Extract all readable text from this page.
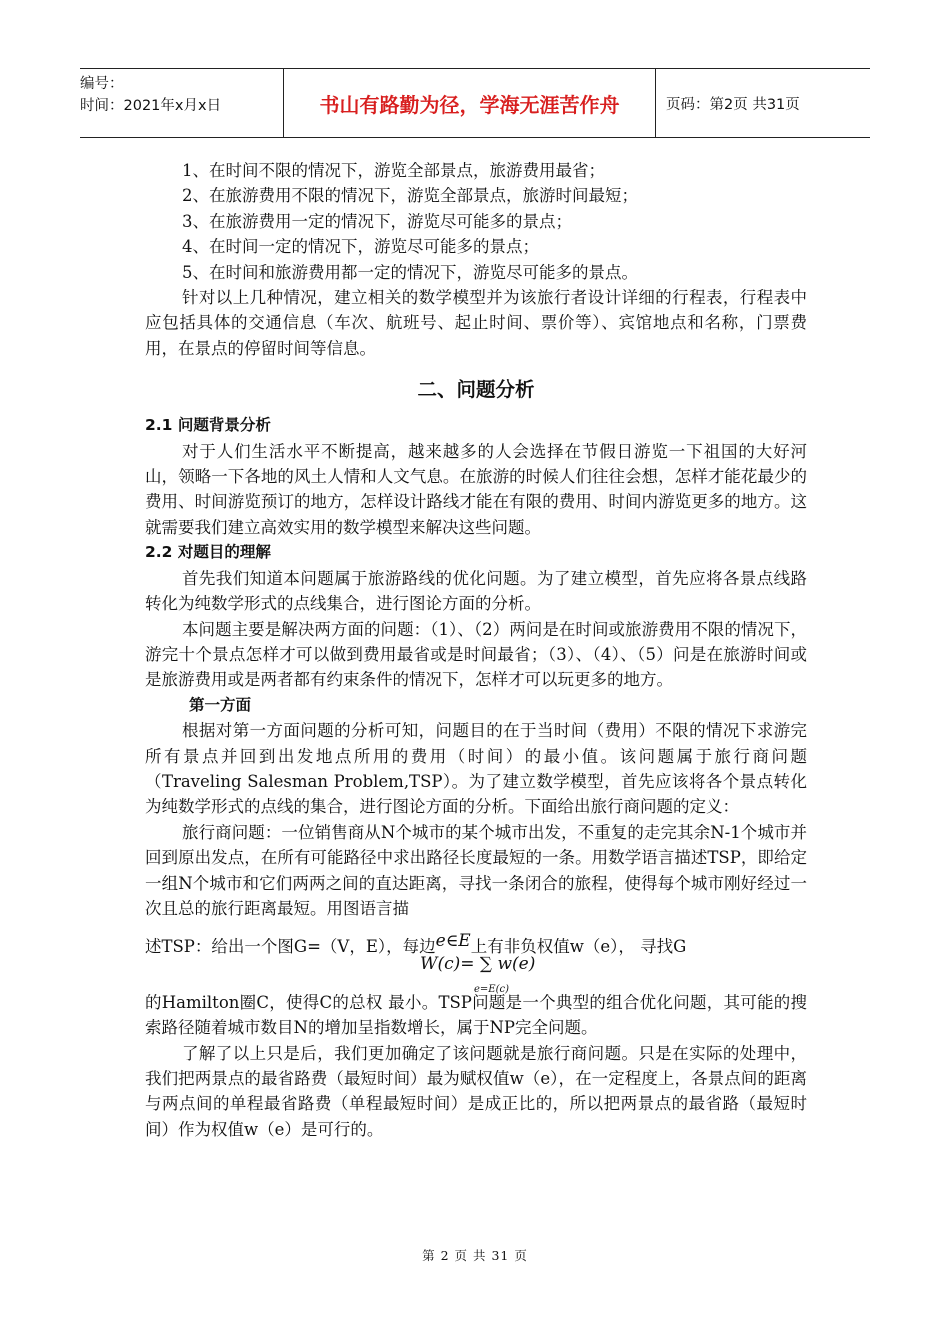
编号：
时间：2021年x月x日	书山有路勤为径，学海无涯苦作舟	页码：第2页 共31页

1、在时间不限的情况下，游览全部景点，旅游费用最省；

2、在旅游费用不限的情况下，游览全部景点，旅游时间最短；

3、在旅游费用一定的情况下，游览尽可能多的景点；

4、在时间一定的情况下，游览尽可能多的景点；

5、在时间和旅游费用都一定的情况下，游览尽可能多的景点。

针对以上几种情况，建立相关的数学模型并为该旅行者设计详细的行程表，行程表中应包括具体的交通信息（车次、航班号、起止时间、票价等）、宾馆地点和名称，门票费用，在景点的停留时间等信息。

二、问题分析

2.1 问题背景分析

对于人们生活水平不断提高，越来越多的人会选择在节假日游览一下祖国的大好河山，领略一下各地的风土人情和人文气息。在旅游的时候人们往往会想，怎样才能花最少的费用、时间游览预订的地方，怎样设计路线才能在有限的费用、时间内游览更多的地方。这就需要我们建立高效实用的数学模型来解决这些问题。

2.2 对题目的理解

首先我们知道本问题属于旅游路线的优化问题。为了建立模型，首先应将各景点线路转化为纯数学形式的点线集合，进行图论方面的分析。

本问题主要是解决两方面的问题：（1）、（2）两问是在时间或旅游费用不限的情况下，游完十个景点怎样才可以做到费用最省或是时间最省；（3）、（4）、（5）问是在旅游时间或是旅游费用或是两者都有约束条件的情况下，怎样才可以玩更多的地方。

第一方面

根据对第一方面问题的分析可知，问题目的在于当时间（费用）不限的情况下求游完所有景点并回到出发地点所用的费用（时间）的最小值。该问题属于旅行商问题（Traveling Salesman Problem,TSP）。为了建立数学模型，首先应该将各个景点转化为纯数学形式的点线的集合，进行图论方面的分析。下面给出旅行商问题的定义：

旅行商问题：一位销售商从N个城市的某个城市出发，不重复的走完其余N-1个城市并回到原出发点，在所有可能路径中求出路径长度最短的一条。用数学语言描述TSP，即给定一组N个城市和它们两两之间的直达距离，寻找一条闭合的旅程，使得每个城市刚好经过一次且总的旅行距离最短。用图语言描

述TSP：给出一个图G=（V，E），每边e∈E上有非负权值w（e）， 寻找G

W(c)= ∑ w(e)
e=E(c)

的Hamilton圈C，使得C的总权 最小。TSP问题是一个典型的组合优化问题，其可能的搜索路径随着城市数目N的增加呈指数增长，属于NP完全问题。

了解了以上只是后，我们更加确定了该问题就是旅行商问题。只是在实际的处理中，我们把两景点的最省路费（最短时间）最为赋权值w（e），在一定程度上，各景点间的距离与两点间的单程最省路费（单程最短时间）是成正比的，所以把两景点的最省路（最短时间）作为权值w（e）是可行的。

第 2 页 共 31 页
